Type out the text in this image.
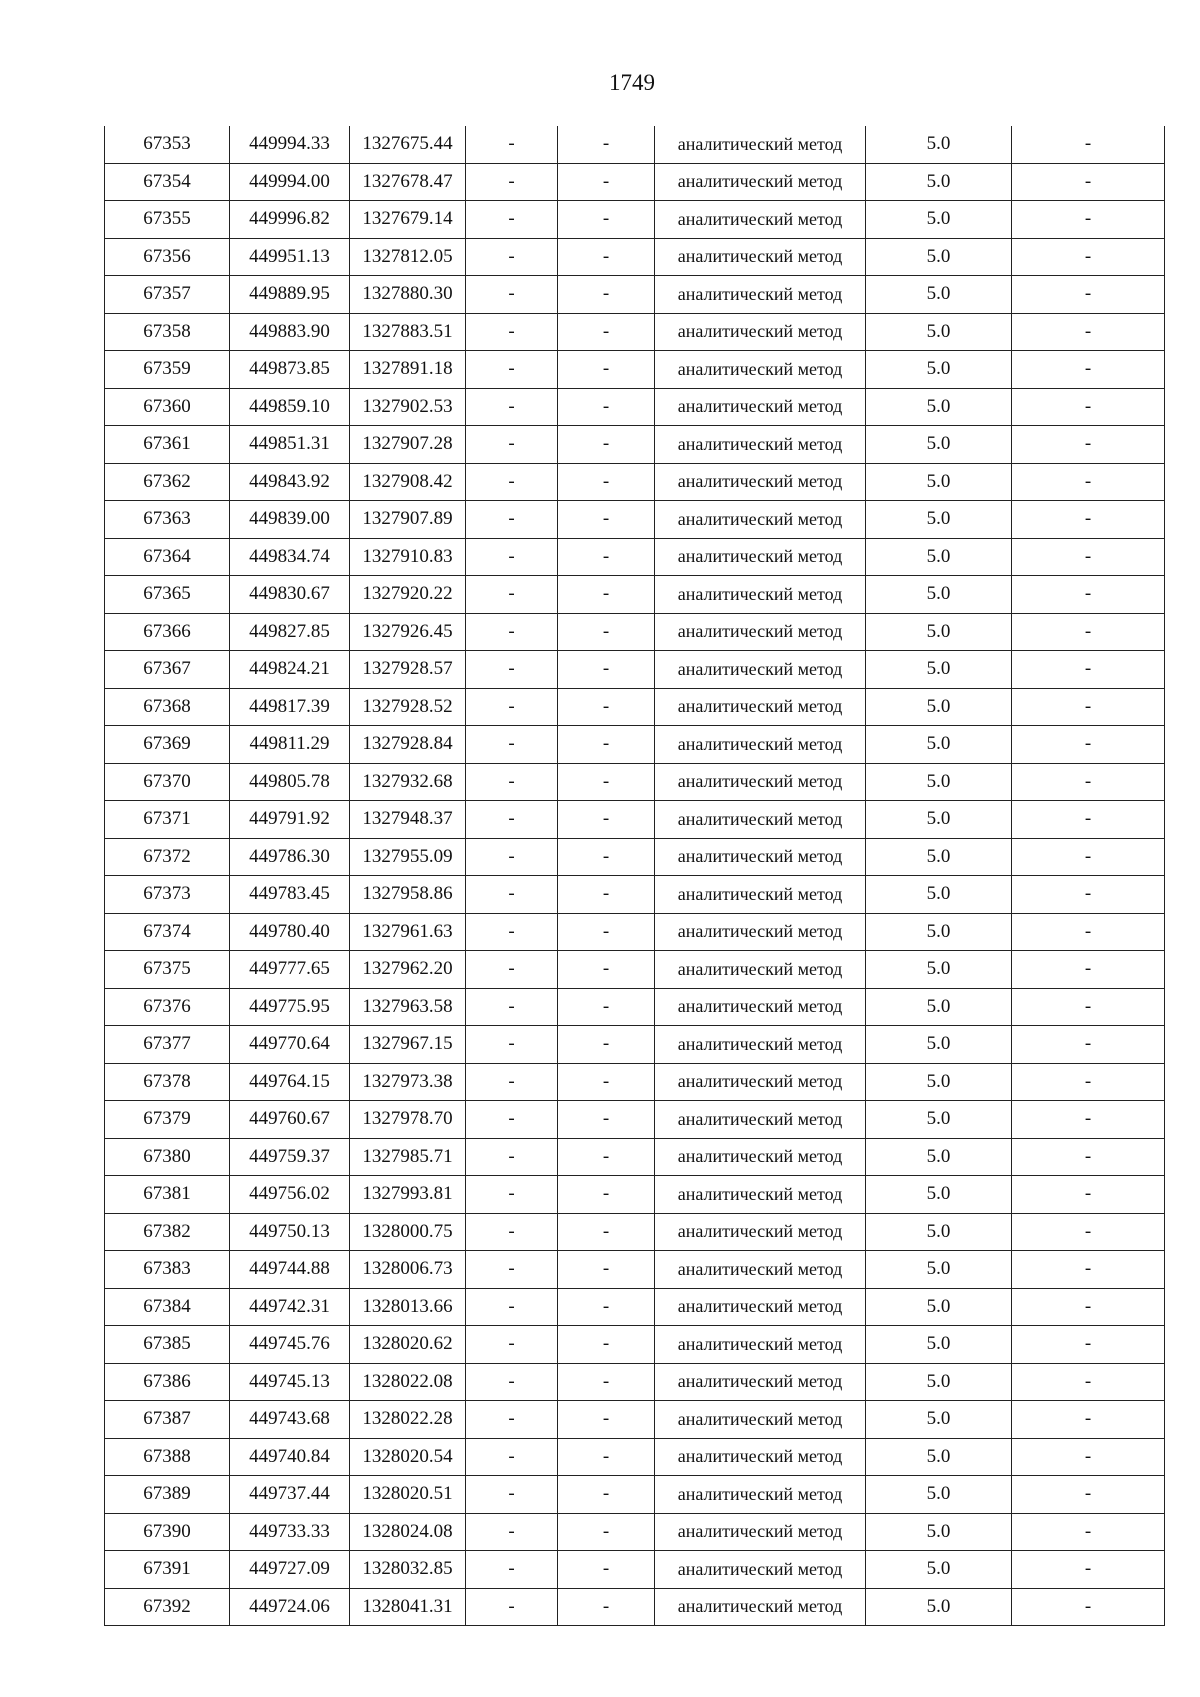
1749
67353	449994.33	1327675.44	-	-	аналитический метод	5.0	-
67354	449994.00	1327678.47	-	-	аналитический метод	5.0	-
67355	449996.82	1327679.14	-	-	аналитический метод	5.0	-
67356	449951.13	1327812.05	-	-	аналитический метод	5.0	-
67357	449889.95	1327880.30	-	-	аналитический метод	5.0	-
67358	449883.90	1327883.51	-	-	аналитический метод	5.0	-
67359	449873.85	1327891.18	-	-	аналитический метод	5.0	-
67360	449859.10	1327902.53	-	-	аналитический метод	5.0	-
67361	449851.31	1327907.28	-	-	аналитический метод	5.0	-
67362	449843.92	1327908.42	-	-	аналитический метод	5.0	-
67363	449839.00	1327907.89	-	-	аналитический метод	5.0	-
67364	449834.74	1327910.83	-	-	аналитический метод	5.0	-
67365	449830.67	1327920.22	-	-	аналитический метод	5.0	-
67366	449827.85	1327926.45	-	-	аналитический метод	5.0	-
67367	449824.21	1327928.57	-	-	аналитический метод	5.0	-
67368	449817.39	1327928.52	-	-	аналитический метод	5.0	-
67369	449811.29	1327928.84	-	-	аналитический метод	5.0	-
67370	449805.78	1327932.68	-	-	аналитический метод	5.0	-
67371	449791.92	1327948.37	-	-	аналитический метод	5.0	-
67372	449786.30	1327955.09	-	-	аналитический метод	5.0	-
67373	449783.45	1327958.86	-	-	аналитический метод	5.0	-
67374	449780.40	1327961.63	-	-	аналитический метод	5.0	-
67375	449777.65	1327962.20	-	-	аналитический метод	5.0	-
67376	449775.95	1327963.58	-	-	аналитический метод	5.0	-
67377	449770.64	1327967.15	-	-	аналитический метод	5.0	-
67378	449764.15	1327973.38	-	-	аналитический метод	5.0	-
67379	449760.67	1327978.70	-	-	аналитический метод	5.0	-
67380	449759.37	1327985.71	-	-	аналитический метод	5.0	-
67381	449756.02	1327993.81	-	-	аналитический метод	5.0	-
67382	449750.13	1328000.75	-	-	аналитический метод	5.0	-
67383	449744.88	1328006.73	-	-	аналитический метод	5.0	-
67384	449742.31	1328013.66	-	-	аналитический метод	5.0	-
67385	449745.76	1328020.62	-	-	аналитический метод	5.0	-
67386	449745.13	1328022.08	-	-	аналитический метод	5.0	-
67387	449743.68	1328022.28	-	-	аналитический метод	5.0	-
67388	449740.84	1328020.54	-	-	аналитический метод	5.0	-
67389	449737.44	1328020.51	-	-	аналитический метод	5.0	-
67390	449733.33	1328024.08	-	-	аналитический метод	5.0	-
67391	449727.09	1328032.85	-	-	аналитический метод	5.0	-
67392	449724.06	1328041.31	-	-	аналитический метод	5.0	-
